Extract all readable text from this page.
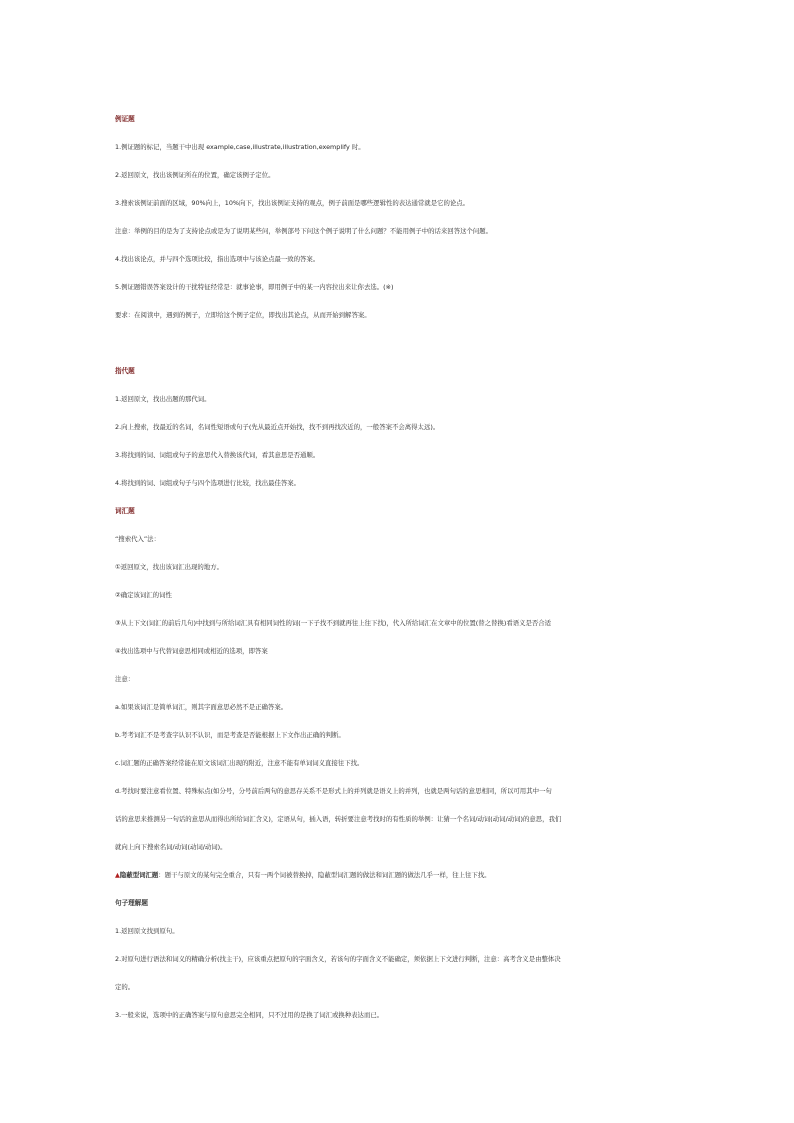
例证题
1.例证题的标记，当题干中出现 example,case,illustrate,illustration,exemplify 时。
2.返回原文，找出该例证所在的位置，确定该例子定位。
3.搜索该例证前面的区域，90%向上，10%向下，找出该例证支持的观点，例子前面是哪些逻辑性的表达通常就是它的论点。
注意：举例的目的是为了支持论点或是为了说明某些问，举例部号下问这个例子说明了什么问题？不能用例子中的话来回答这个问题。
4.找出该论点，并与四个选项比较，指出选项中与该论点最一致的答案。
5.例证题错误答案设计的干扰特征经常是：就事论事，即用例子中的某一内容拉出来让你去选。(※)
要求：在阅读中，遇到的例子，立即给这个例子定位，即找出其论点，从而开始到解答案。
指代题
1.返回原文，找出出题的那代词。
2.向上搜索，找最近的名词，名词性短语或句子(先从最近点开始找，找不到再找次近的，一般答案不会离得太远)。
3.将找到的词、词组或句子的意思代入替换该代词，看其意思是否通顺。
4.将找到的词、词组或句子与四个选项进行比较，找出最佳答案。
词汇题
“搜索代入”法：
①返回原文，找出该词汇出现的地方。
②确定该词汇的词性
③从上下文(词汇的前后几句)中找到与所给词汇具有相同词性的词(一下子找不到就再往上往下找)，代入所给词汇在文章中的位置(替之替换)看语义是否合适
④找出选项中与代替词意思相同或相近的选项，即答案
注意：
a.如果该词汇是简单词汇，则其字面意思必然不是正确答案。
b.考考词汇不是考查字认识不认识，而是考查是否能根据上下文作出正确的判断。
c.词汇题的正确答案经常能在原文该词汇出现的附近，注意不能有单词词义直接往下找。
d.考找时要注意看位置、特殊标点(如分号，分号前后两句的意思存关系不是形式上的并列就是语义上的并列，也就是两句话的意思相同，所以可用其中一句
话的意思来推测另一句话的意思从而得出所给词汇含义)，定语从句，插入语，转折要注意考找时的有性质的举例：让猜一个名词/动词(动词/动词)的意思，我们
就向上向下搜索名词/动词(动词/动词)。
▲隐蔽型词汇题：题干与原文的某句完全重合，只有一两个词被替换掉，隐蔽型词汇题的做法和词汇题的做法几乎一样，往上往下找。
句子理解题
1.返回原文找到原句。
2.对原句进行语法和词义的精确分析(找主干)，应该重点把原句的字面含义，若该句的字面含义不能确定，须依据上下文进行判断，注意：高考含义是由整体决
定的。
3.一般来说，选项中的正确答案与原句意思完全相同，只不过用的是换了词汇或换种表达而已。
